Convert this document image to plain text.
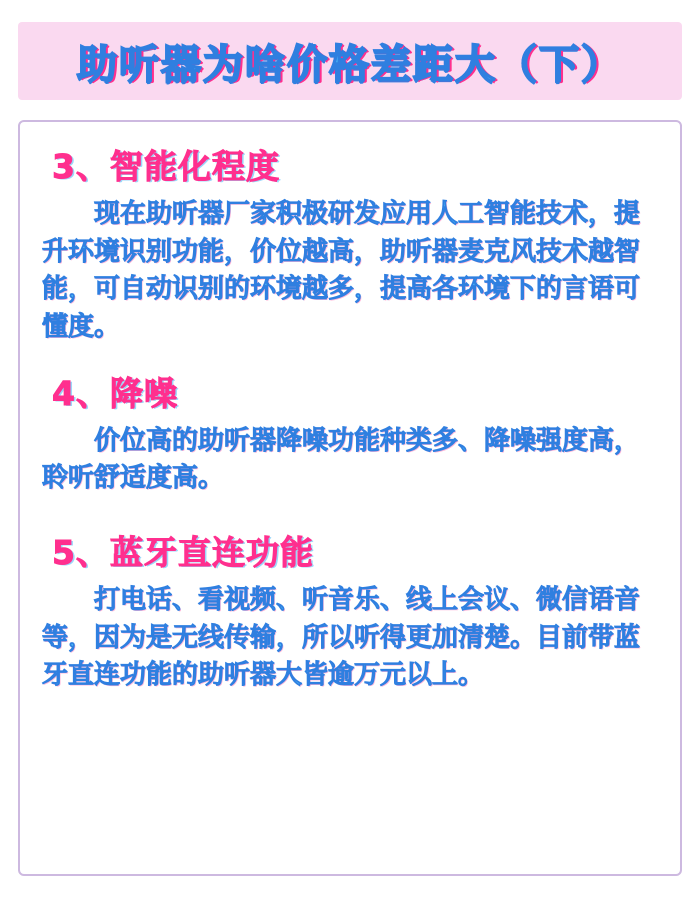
助听器为啥价格差距大（下）
3、智能化程度

现在助听器厂家积极研发应用人工智能技术，提升环境识别功能，价位越高，助听器麦克风技术越智能，可自动识别的环境越多，提高各环境下的言语可懂度。

4、降噪

价位高的助听器降噪功能种类多、降噪强度高，聆听舒适度高。

5、蓝牙直连功能

打电话、看视频、听音乐、线上会议、微信语音等，因为是无线传输，所以听得更加清楚。目前带蓝牙直连功能的助听器大皆逾万元以上。
